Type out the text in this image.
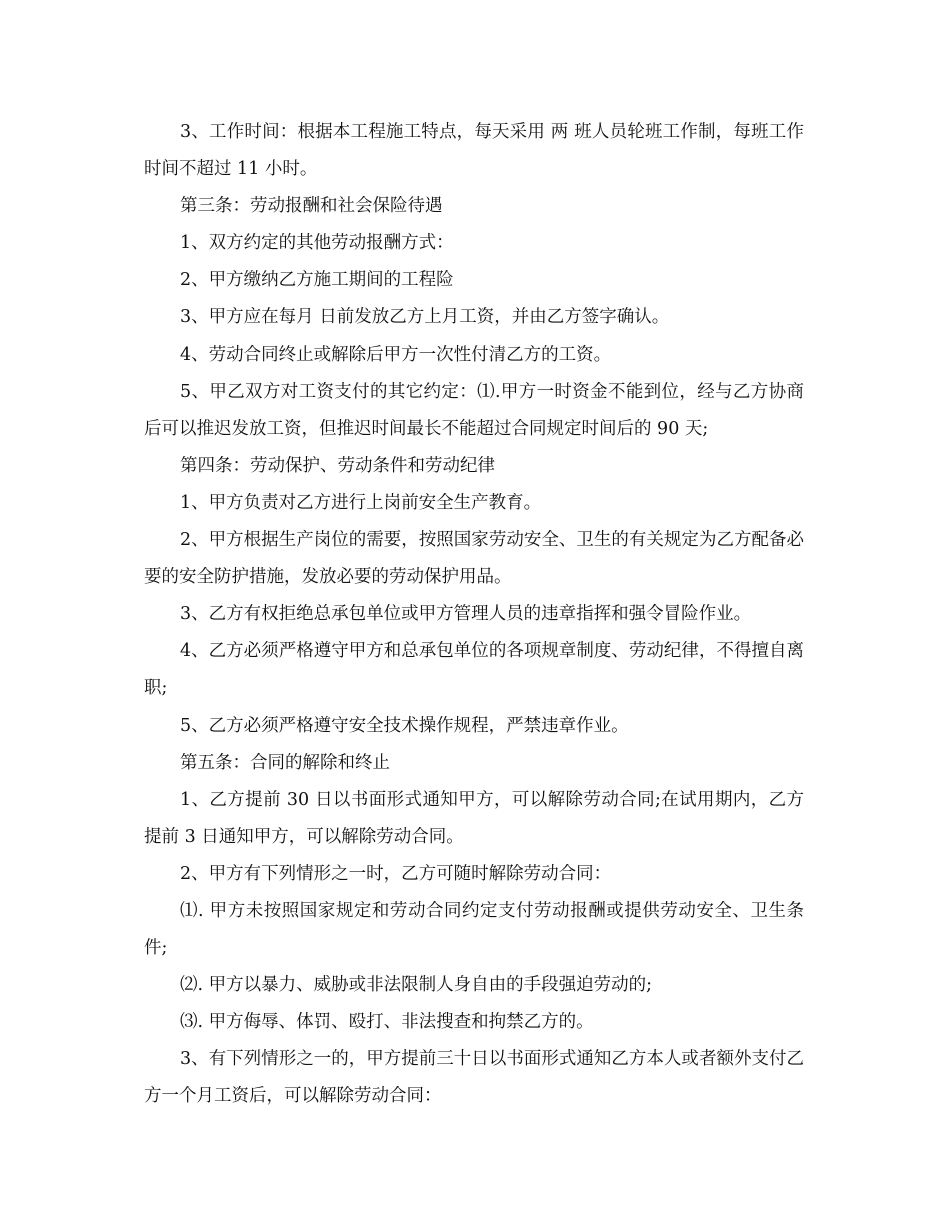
3、工作时间：根据本工程施工特点，每天采用 两 班人员轮班工作制，每班工作时间不超过 11 小时。

第三条：劳动报酬和社会保险待遇

1、双方约定的其他劳动报酬方式：

2、甲方缴纳乙方施工期间的工程险

3、甲方应在每月 日前发放乙方上月工资，并由乙方签字确认。

4、劳动合同终止或解除后甲方一次性付清乙方的工资。

5、甲乙双方对工资支付的其它约定：⑴.甲方一时资金不能到位，经与乙方协商后可以推迟发放工资，但推迟时间最长不能超过合同规定时间后的 90 天;

第四条：劳动保护、劳动条件和劳动纪律

1、甲方负责对乙方进行上岗前安全生产教育。

2、甲方根据生产岗位的需要，按照国家劳动安全、卫生的有关规定为乙方配备必要的安全防护措施，发放必要的劳动保护用品。

3、乙方有权拒绝总承包单位或甲方管理人员的违章指挥和强令冒险作业。

4、乙方必须严格遵守甲方和总承包单位的各项规章制度、劳动纪律，不得擅自离职;

5、乙方必须严格遵守安全技术操作规程，严禁违章作业。

第五条：合同的解除和终止

1、乙方提前 30 日以书面形式通知甲方，可以解除劳动合同;在试用期内，乙方提前 3 日通知甲方，可以解除劳动合同。

2、甲方有下列情形之一时，乙方可随时解除劳动合同：

⑴. 甲方未按照国家规定和劳动合同约定支付劳动报酬或提供劳动安全、卫生条件;

⑵. 甲方以暴力、威胁或非法限制人身自由的手段强迫劳动的;

⑶. 甲方侮辱、体罚、殴打、非法搜查和拘禁乙方的。

3、有下列情形之一的，甲方提前三十日以书面形式通知乙方本人或者额外支付乙方一个月工资后，可以解除劳动合同：
